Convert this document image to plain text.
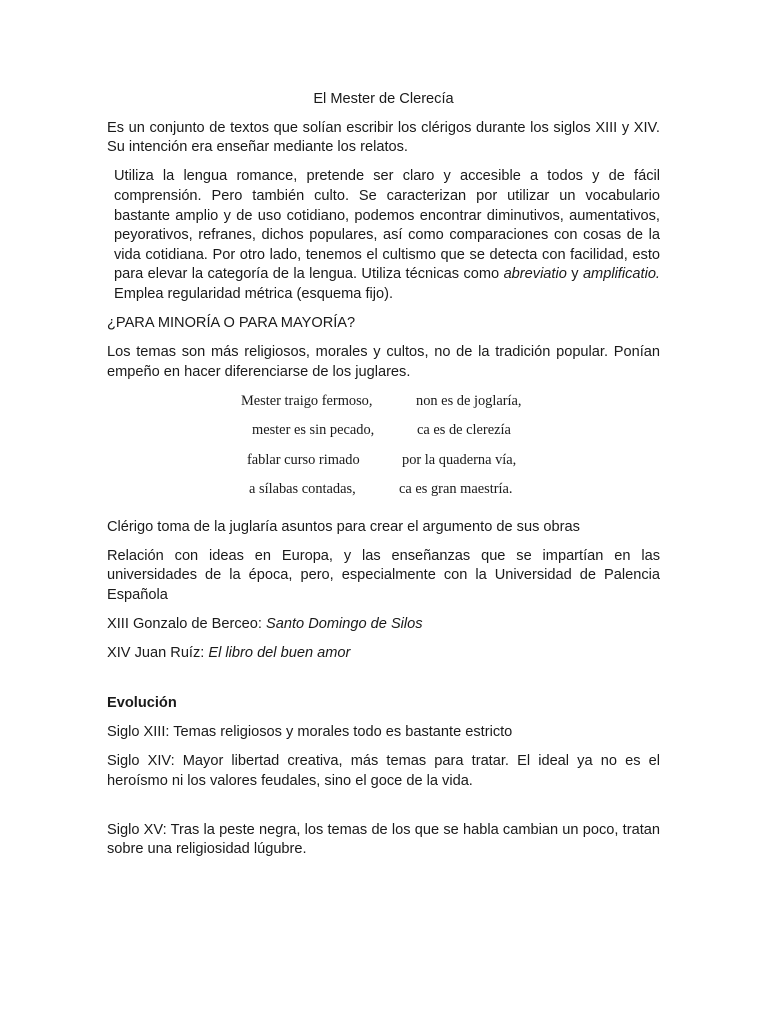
El Mester de Clerecía

Es un conjunto de textos que solían escribir los clérigos durante los siglos XIII y XIV. Su intención era enseñar mediante los relatos.

Utiliza la lengua romance, pretende ser claro y accesible a todos y de fácil comprensión. Pero también culto. Se caracterizan por utilizar un vocabulario bastante amplio y de uso cotidiano, podemos encontrar diminutivos, aumentativos, peyorativos, refranes, dichos populares, así como comparaciones con cosas de la vida cotidiana. Por otro lado, tenemos el cultismo que se detecta con facilidad, esto para elevar la categoría de la lengua. Utiliza técnicas como abreviatio y amplificatio. Emplea regularidad métrica (esquema fijo).

¿PARA MINORÍA O PARA MAYORÍA?

Los temas son más religiosos, morales y cultos, no de la tradición popular. Ponían empeño en hacer diferenciarse de los juglares.

Mester traigo fermoso,	non es de joglaría,
mester es sin pecado,	ca es de clerezía
fablar curso rimado	por la quaderna vía,
a sílabas contadas,	ca es gran maestría.

Clérigo toma de la juglaría asuntos para crear el argumento de sus obras

Relación con ideas en Europa, y las enseñanzas que se impartían en las universidades de la época, pero, especialmente con la Universidad de Palencia Española

XIII Gonzalo de Berceo: Santo Domingo de Silos

XIV Juan Ruíz: El libro del buen amor

Evolución

Siglo XIII: Temas religiosos y morales todo es bastante estricto

Siglo XIV: Mayor libertad creativa, más temas para tratar. El ideal ya no es el heroísmo ni los valores feudales, sino el goce de la vida.

Siglo XV: Tras la peste negra, los temas de los que se habla cambian un poco, tratan sobre una religiosidad lúgubre.
